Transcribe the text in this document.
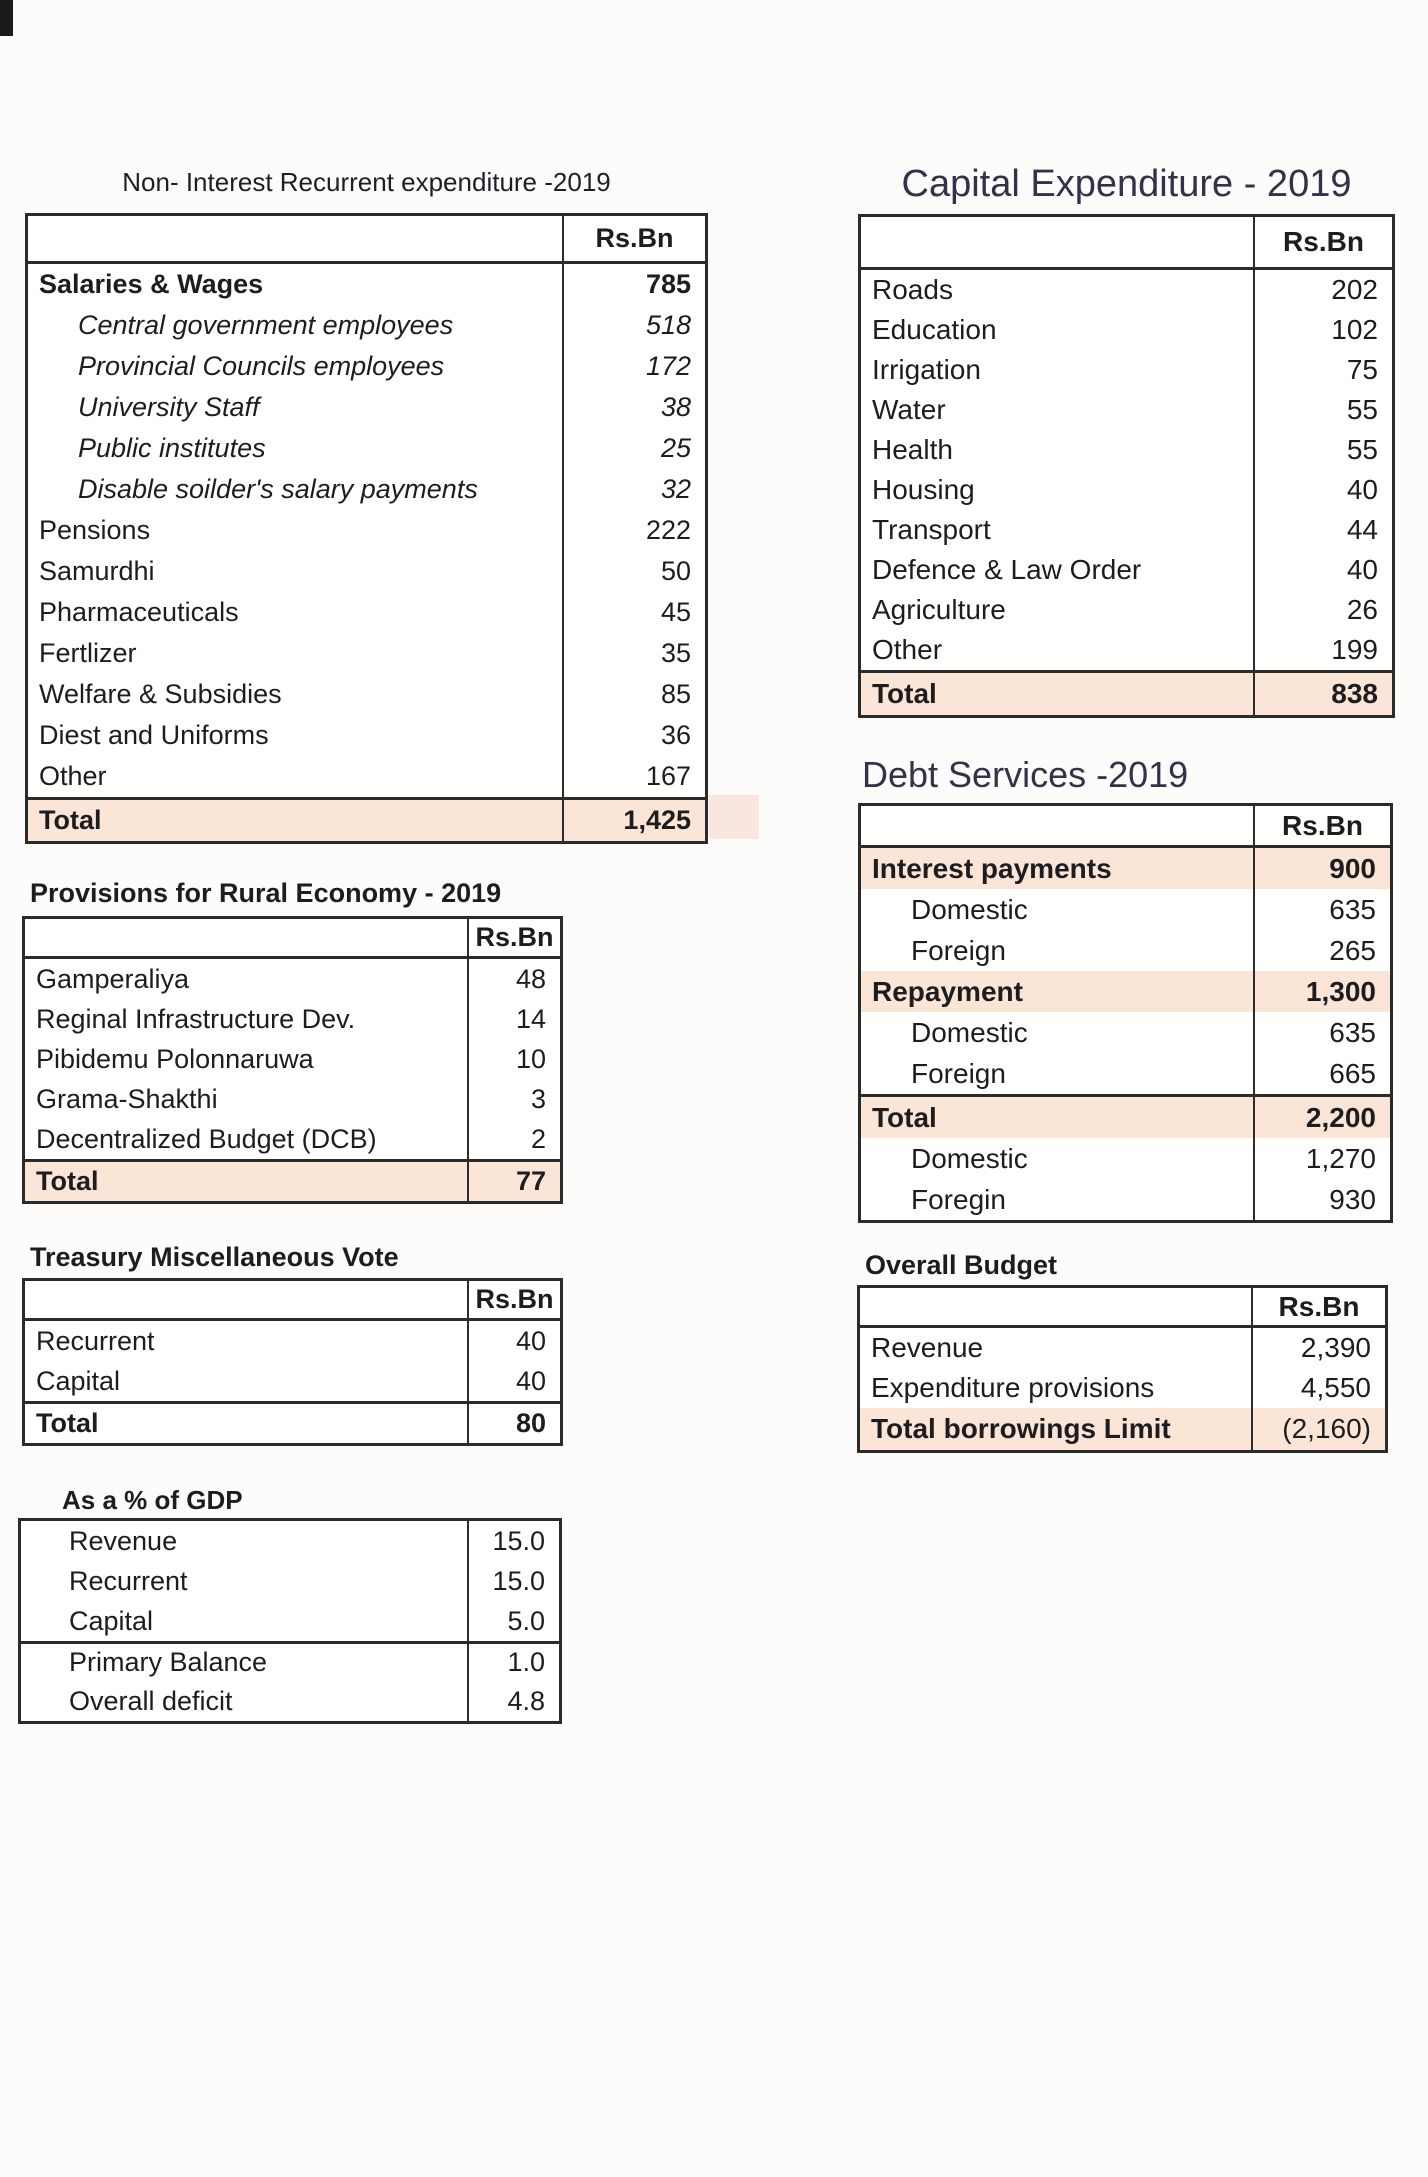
Non- Interest Recurrent expenditure -2019
Rs.Bn
Salaries & Wages	785
Central government employees	518
Provincial Councils employees	172
University Staff	38
Public institutes	25
Disable soilder's salary payments	32
Pensions	222
Samurdhi	50
Pharmaceuticals	45
Fertlizer	35
Welfare & Subsidies	85
Diest and Uniforms	36
Other	167
Total	1,425
Capital Expenditure - 2019
Rs.Bn
Roads	202
Education	102
Irrigation	75
Water	55
Health	55
Housing	40
Transport	44
Defence & Law Order	40
Agriculture	26
Other	199
Total	838
Provisions for Rural Economy - 2019
Rs.Bn
Gamperaliya	48
Reginal Infrastructure Dev.	14
Pibidemu Polonnaruwa	10
Grama-Shakthi	3
Decentralized Budget (DCB)	2
Total	77
Debt Services -2019
Rs.Bn
Interest payments	900
Domestic	635
Foreign	265
Repayment	1,300
Domestic	635
Foreign	665
Total	2,200
Domestic	1,270
Foregin	930
Treasury Miscellaneous Vote
Rs.Bn
Recurrent	40
Capital	40
Total	80
Overall Budget
Rs.Bn
Revenue	2,390
Expenditure provisions	4,550
Total borrowings Limit	(2,160)
As a % of GDP
Revenue	15.0
Recurrent	15.0
Capital	5.0
Primary Balance	1.0
Overall deficit	4.8
